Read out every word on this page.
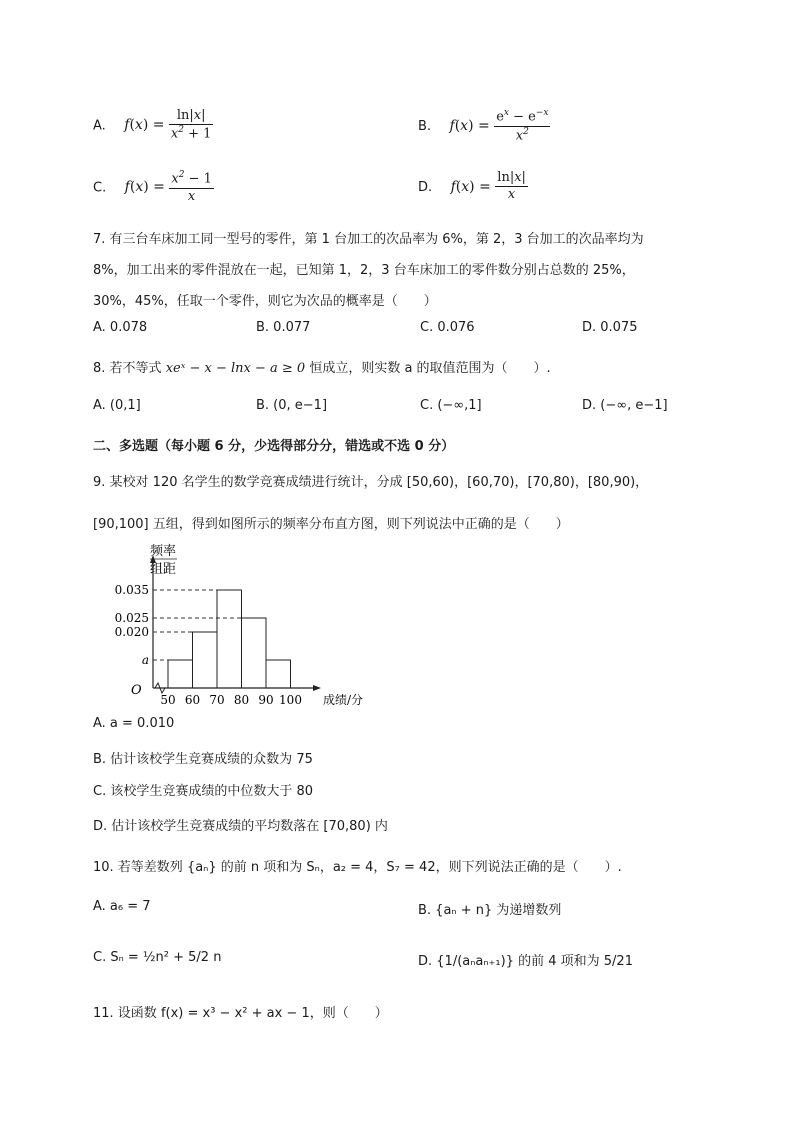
A. $f(x) = \frac{\ln|x|}{x^2 + 1}$	B. $f(x) = \frac{e^x - e^{-x}}{x^2}$
C. $f(x) = \frac{x^2 - 1}{x}$	D. $f(x) = \frac{\ln|x|}{x}$
7. 有三台车床加工同一型号的零件，第 1 台加工的次品率为 6%，第 2，3 台加工的次品率均为
8%，加工出来的零件混放在一起，已知第 1，2，3 台车床加工的零件数分别占总数的 25%，
30%，45%，任取一个零件，则它为次品的概率是（　　）
A. 0.078	B. 0.077	C. 0.076	D. 0.075
8. 若不等式 xeˣ − x − lnx − a ≥ 0 恒成立，则实数 a 的取值范围为（　　）.
A. (0,1]	B. (0, e−1]	C. (−∞,1]	D. (−∞, e−1]
二、多选题（每小题 6 分，少选得部分分，错选或不选 0 分）
9. 某校对 120 名学生的数学竞赛成绩进行统计，分成 [50,60)，[60,70)，[70,80)，[80,90)，
[90,100] 五组，得到如图所示的频率分布直方图，则下列说法中正确的是（　　）
频率
组距
O
a
0.020
0.025
0.035
50 60 70 80 90 100 成绩/分
A. a = 0.010
B. 估计该校学生竞赛成绩的众数为 75
C. 该校学生竞赛成绩的中位数大于 80
D. 估计该校学生竞赛成绩的平均数落在 [70,80) 内
10. 若等差数列 {aₙ} 的前 n 项和为 Sₙ，a₂ = 4，S₇ = 42，则下列说法正确的是（　　）.
A. a₆ = 7	B. {aₙ + n} 为递增数列
C. Sₙ = ½n² + 5/2 n	D. {1/(aₙaₙ₊₁)} 的前 4 项和为 5/21
11. 设函数 f(x) = x³ − x² + ax − 1，则（　　）
